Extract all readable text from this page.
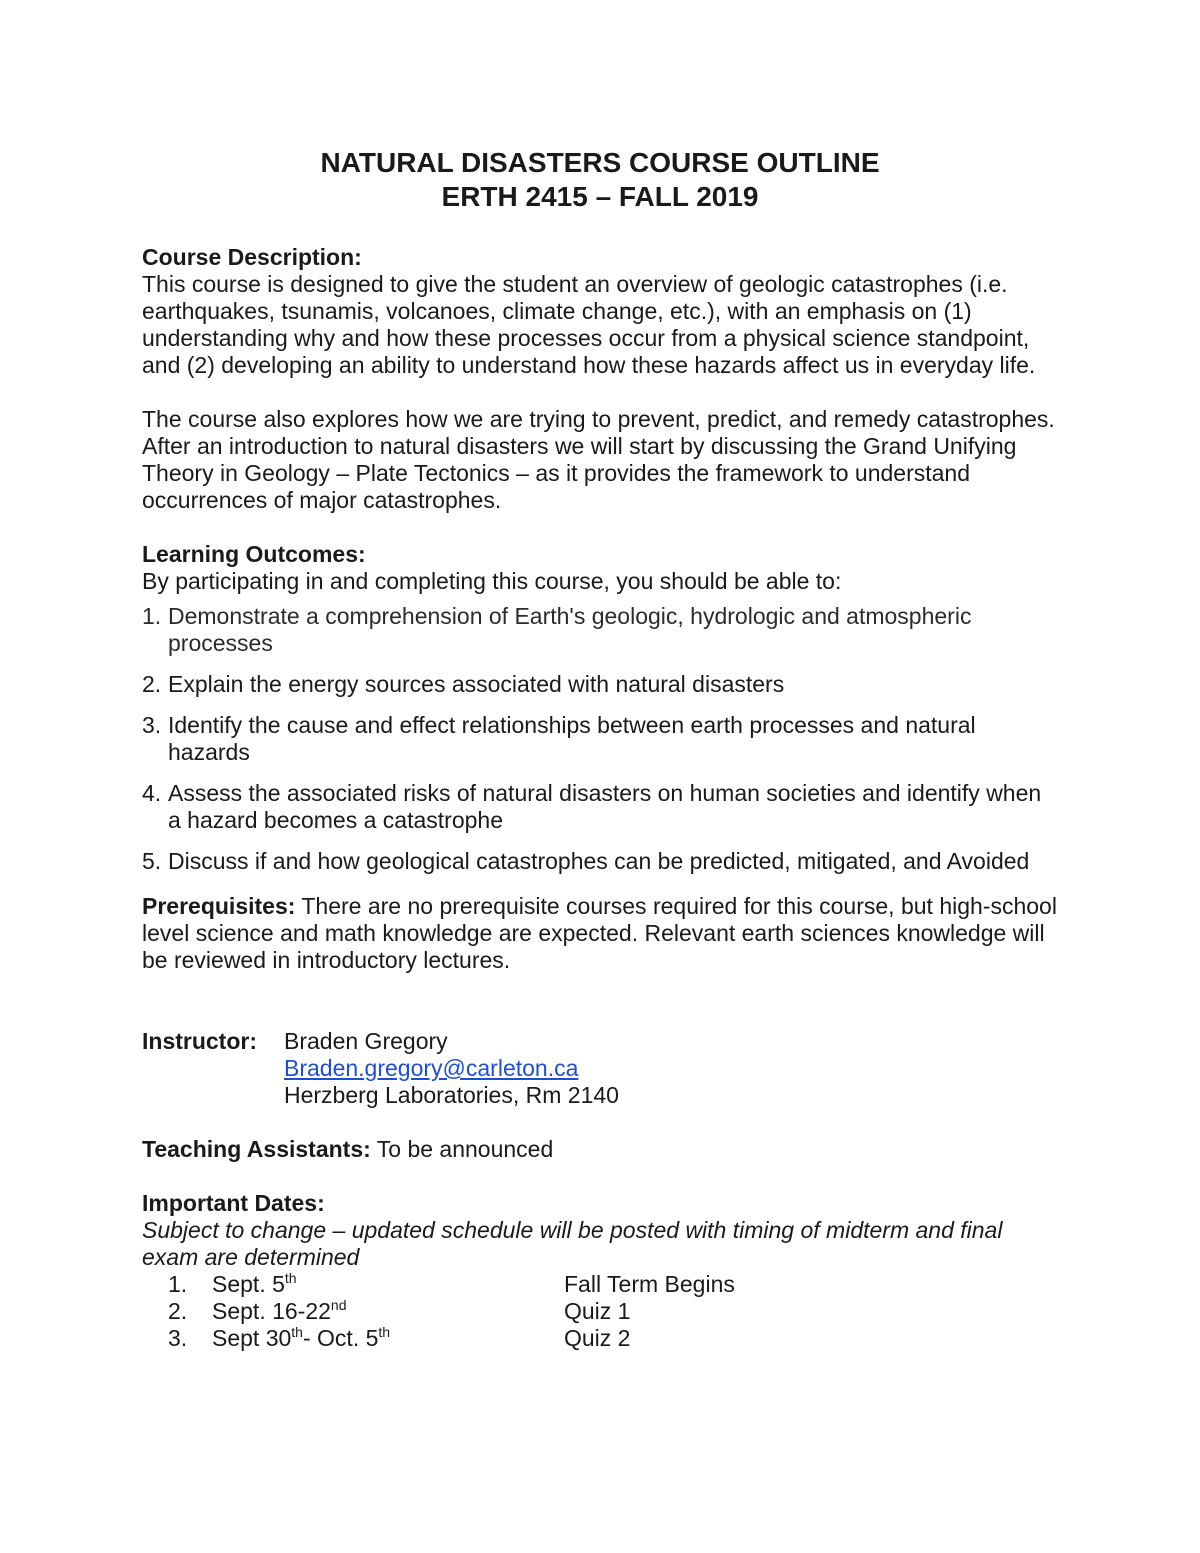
NATURAL DISASTERS COURSE OUTLINE

ERTH 2415 – FALL 2019

Course Description:

This course is designed to give the student an overview of geologic catastrophes (i.e. earthquakes, tsunamis, volcanoes, climate change, etc.), with an emphasis on (1) understanding why and how these processes occur from a physical science standpoint, and (2) developing an ability to understand how these hazards affect us in everyday life.

The course also explores how we are trying to prevent, predict, and remedy catastrophes. After an introduction to natural disasters we will start by discussing the Grand Unifying Theory in Geology – Plate Tectonics – as it provides the framework to understand occurrences of major catastrophes.

Learning Outcomes:

By participating in and completing this course, you should be able to:

1. Demonstrate a comprehension of Earth's geologic, hydrologic and atmospheric processes
2. Explain the energy sources associated with natural disasters
3. Identify the cause and effect relationships between earth processes and natural hazards
4. Assess the associated risks of natural disasters on human societies and identify when a hazard becomes a catastrophe
5. Discuss if and how geological catastrophes can be predicted, mitigated, and Avoided

Prerequisites: There are no prerequisite courses required for this course, but high-school level science and math knowledge are expected. Relevant earth sciences knowledge will be reviewed in introductory lectures.

Instructor:	Braden Gregory
Braden.gregory@carleton.ca
Herzberg Laboratories, Rm 2140

Teaching Assistants: To be announced

Important Dates:

Subject to change – updated schedule will be posted with timing of midterm and final exam are determined

1.	Sept. 5th	Fall Term Begins
2.	Sept. 16-22nd	Quiz 1
3.	Sept 30th- Oct. 5th	Quiz 2
